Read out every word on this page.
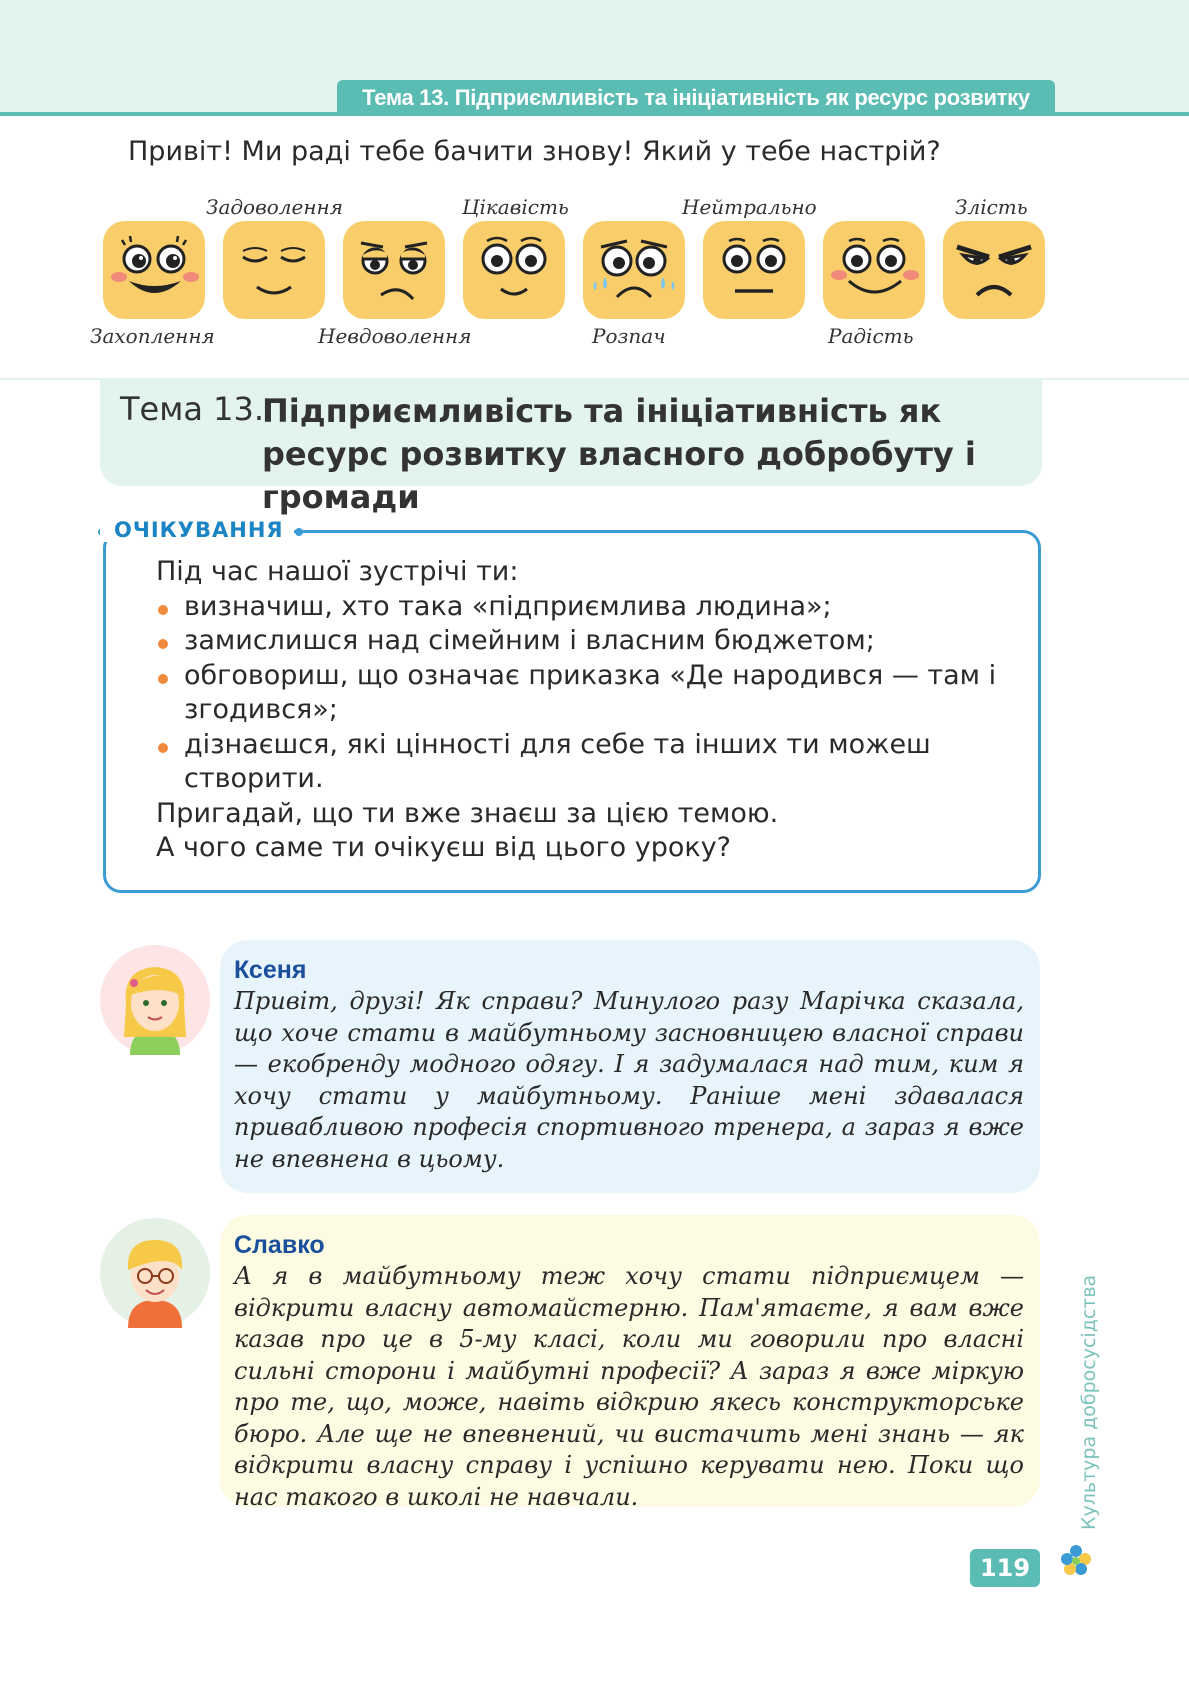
Тема 13. Підприємливість та ініціативність як ресурс розвитку
Привіт! Ми раді тебе бачити знову! Який у тебе настрій?
Задоволення	Цікавість	Нейтрально	Злість
Захоплення	Невдоволення	Розпач	Радість
Тема 13.
Підприємливість та ініціативність як ресурс розвитку власного добробуту і громади
ОЧІКУВАННЯ
Під час нашої зустрічі ти:
визначиш, хто така «підприємлива людина»;
замислишся над сімейним і власним бюджетом;
обговориш, що означає приказка «Де народився — там і згодився»;
дізнаєшся, які цінності для себе та інших ти можеш створити.
Пригадай, що ти вже знаєш за цією темою.
А чого саме ти очікуєш від цього уроку?
Ксеня
Привіт, друзі! Як справи? Минулого разу Марічка сказала, що хоче стати в майбутньому засновницею власної справи — екобренду модного одягу. І я задумалася над тим, ким я хочу стати у майбутньому. Раніше мені здавалася привабливою професія спортивного тренера, а зараз я вже не впевнена в цьому.
Славко
А я в майбутньому теж хочу стати підприємцем — відкрити власну автомайстерню. Пам'ятаєте, я вам вже казав про це в 5-му класі, коли ми говорили про власні сильні сторони і майбутні професії? А зараз я вже міркую про те, що, може, навіть відкрию якесь конструкторське бюро. Але ще не впевнений, чи вистачить мені знань — як відкрити власну справу і успішно керувати нею. Поки що нас такого в школі не навчали.	Культура добросусідства
119
